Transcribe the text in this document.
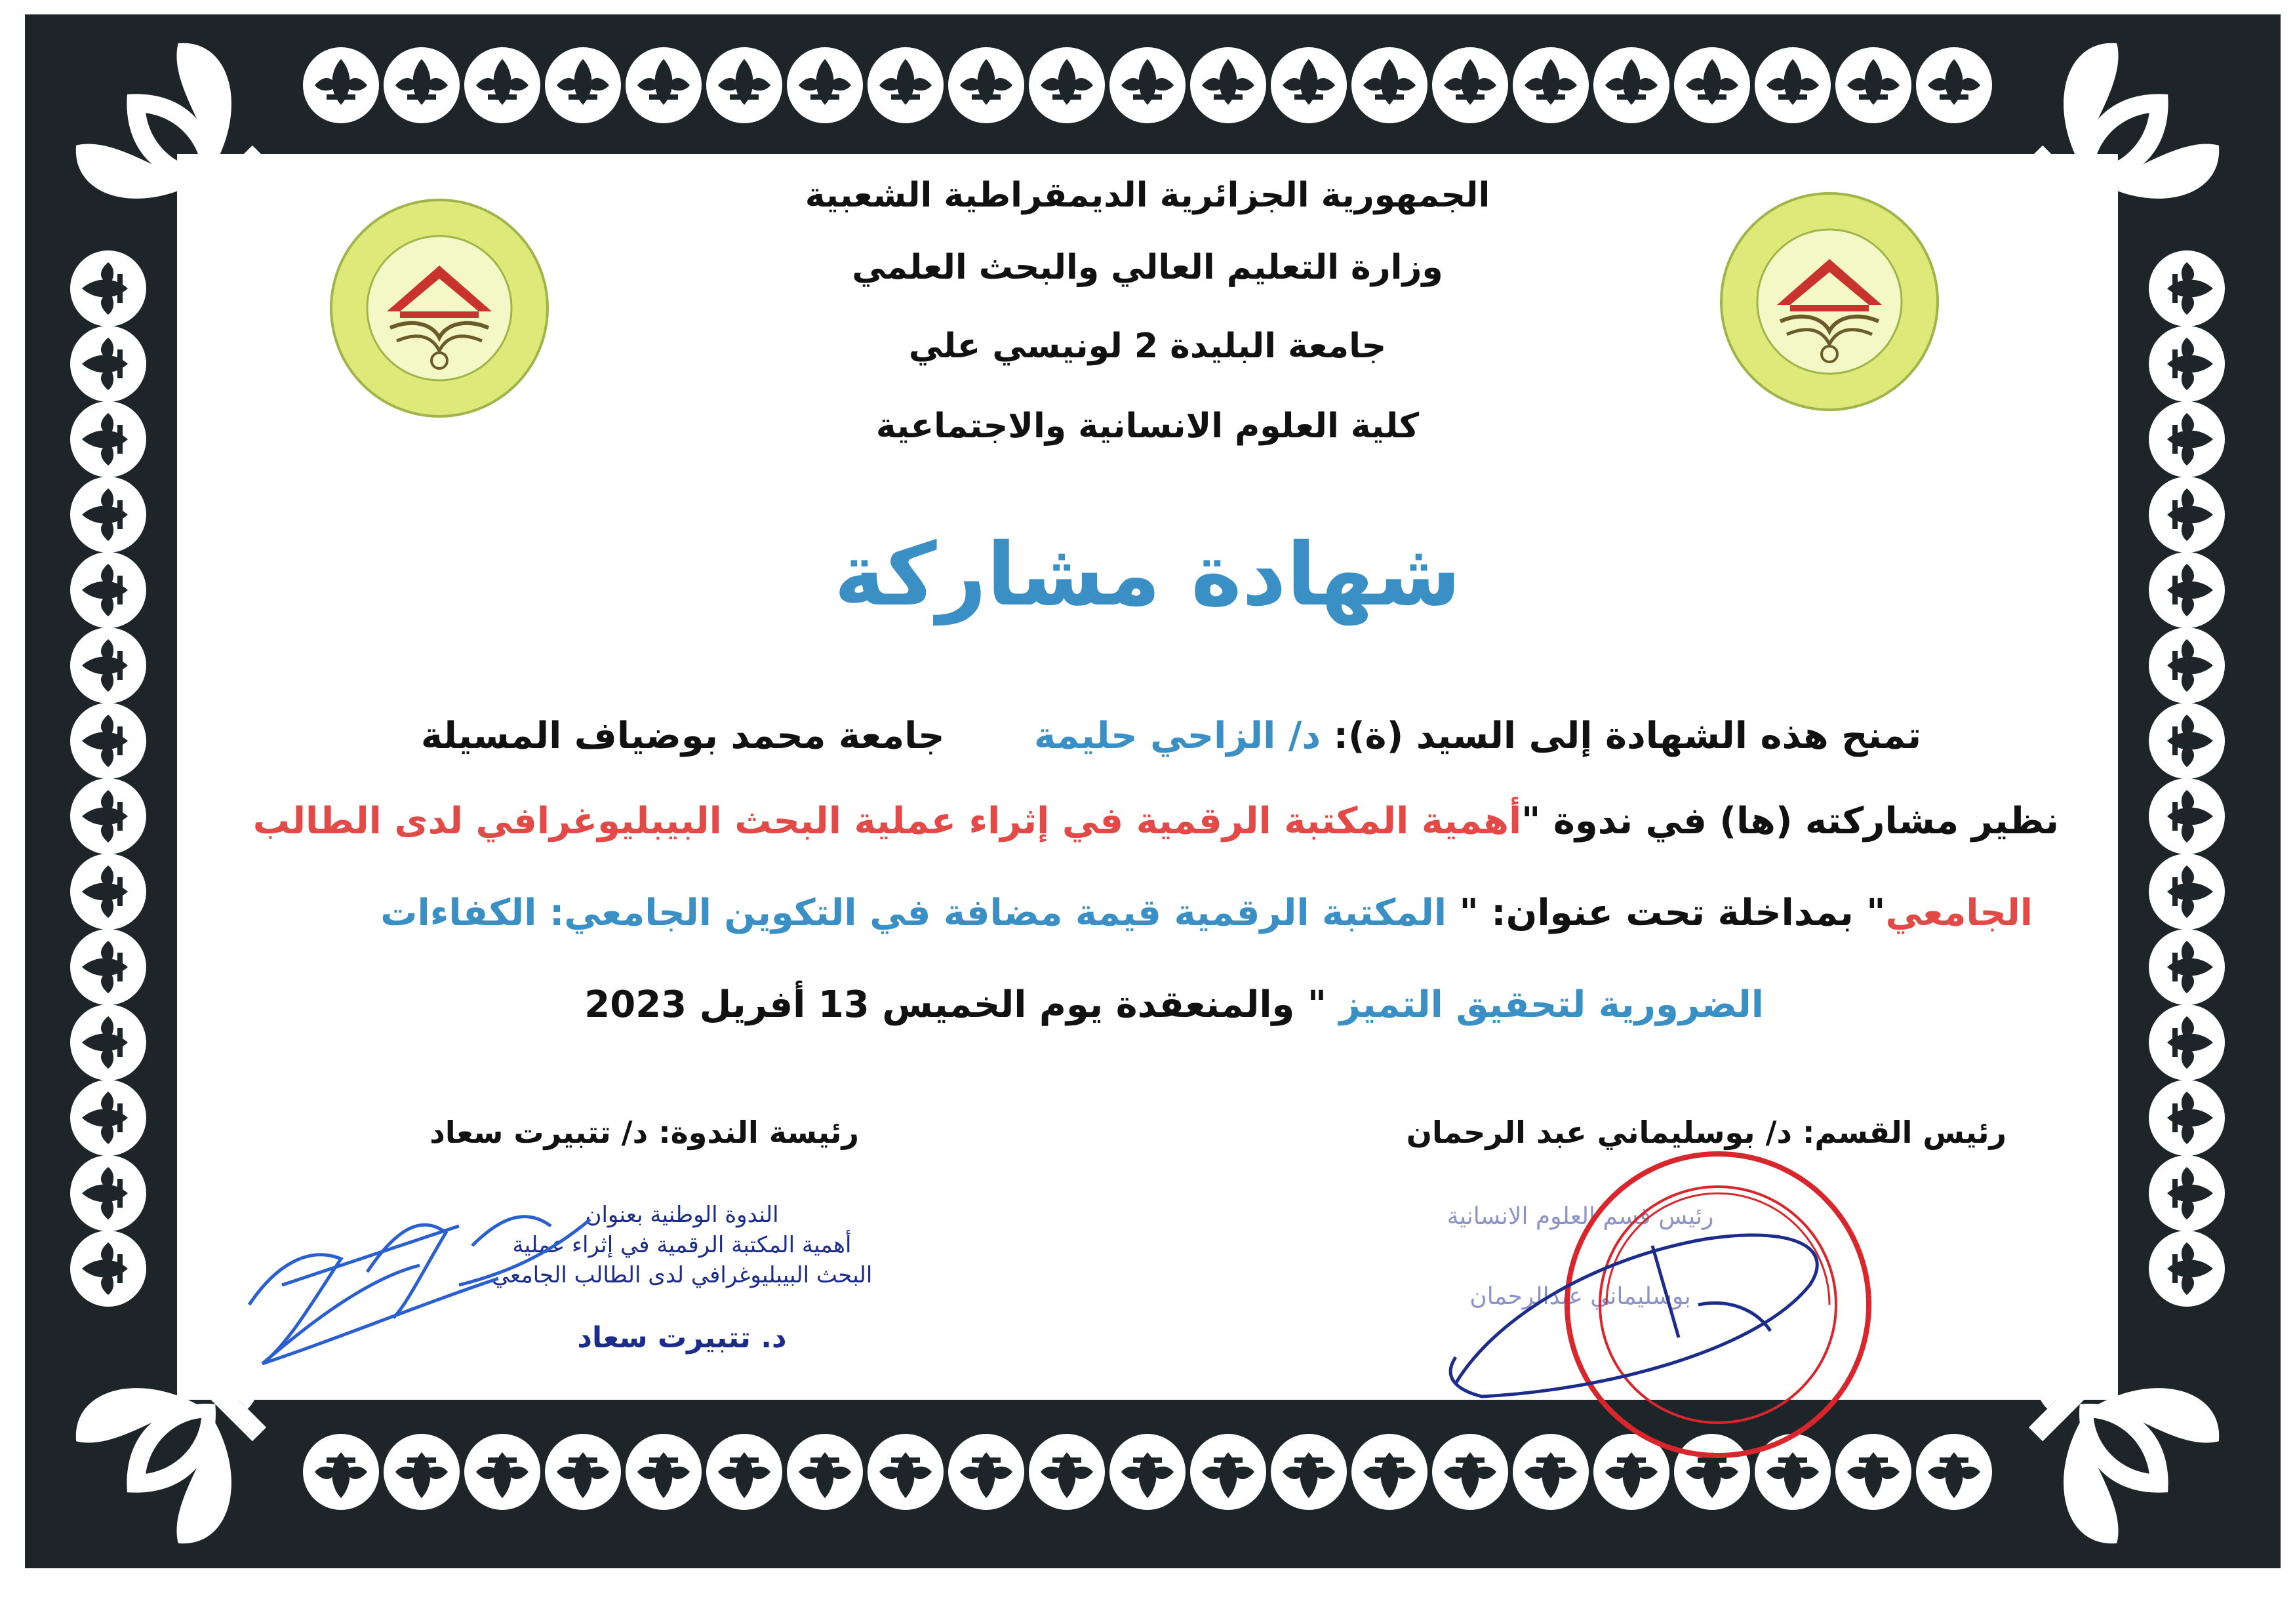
الجمهورية الجزائرية الديمقراطية الشعبية
وزارة التعليم العالي والبحث العلمي
جامعة البليدة 2 لونيسي علي
كلية العلوم الانسانية والاجتماعية
شهادة مشاركة
تمنح هذه الشهادة إلى السيد (ة): د/ الزاحي حليمة       جامعة محمد بوضياف المسيلة
نظير مشاركته (ها) في ندوة "أهمية المكتبة الرقمية في إثراء عملية البحث البيبليوغرافي لدى الطالب
الجامعي" بمداخلة تحت عنوان: " المكتبة الرقمية قيمة مضافة في التكوين الجامعي: الكفاءات
الضرورية لتحقيق التميز " والمنعقدة يوم الخميس 13 أفريل 2023
رئيسة الندوة: د/ تتبيرت سعاد	رئيس القسم: د/ بوسليماني عبد الرحمان
الندوة الوطنية بعنوان
أهمية المكتبة الرقمية في إثراء عملية
البحث البيبليوغرافي لدى الطالب الجامعي
د. تتبيرت سعاد
رئيس قسم العلوم الانسانية
بوسليماني عبدالرحمان
